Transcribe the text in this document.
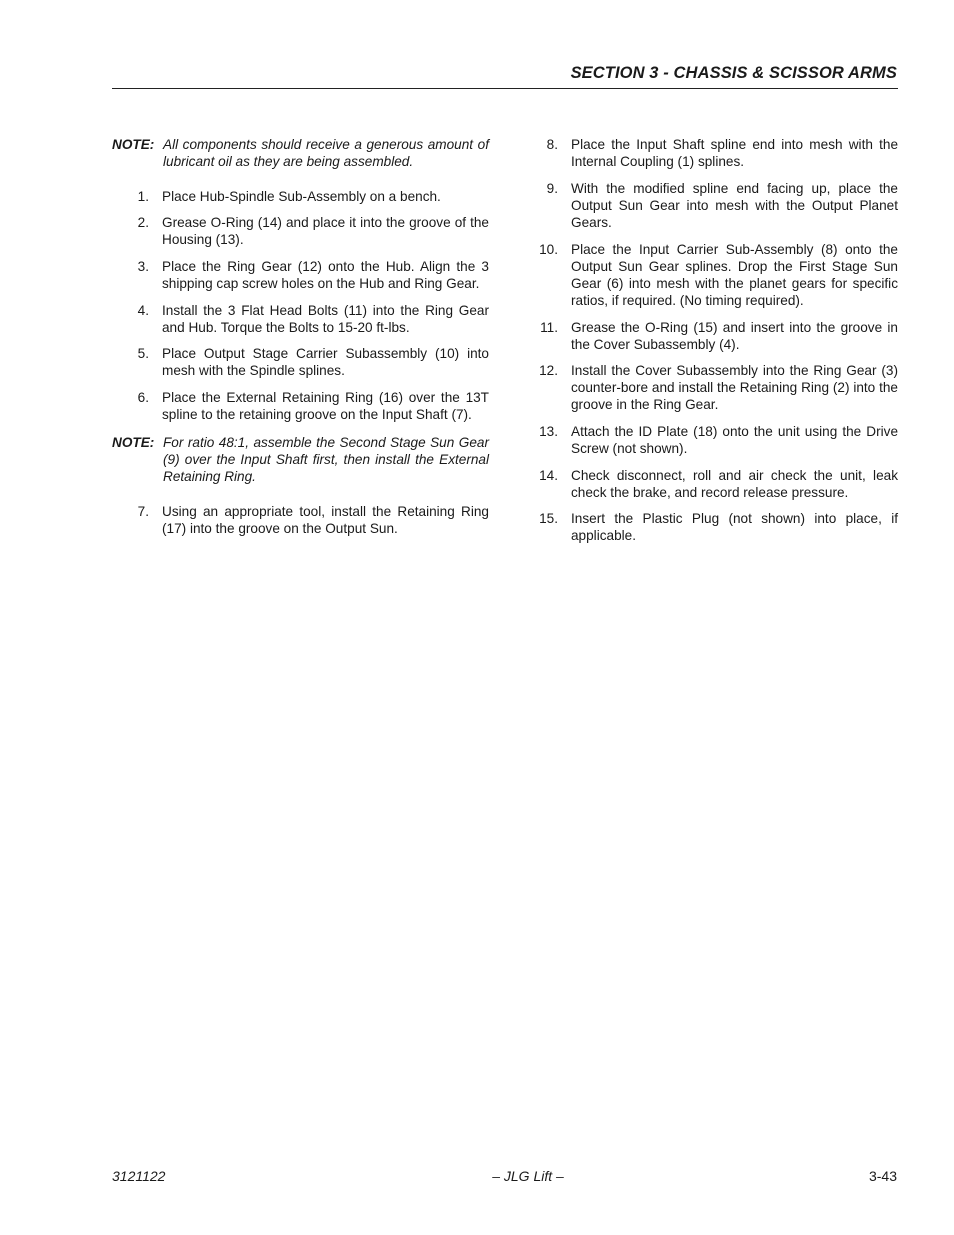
SECTION 3 - CHASSIS & SCISSOR ARMS
NOTE: All components should receive a generous amount of lubricant oil as they are being assembled.
1. Place Hub-Spindle Sub-Assembly on a bench.
2. Grease O-Ring (14) and place it into the groove of the Housing (13).
3. Place the Ring Gear (12) onto the Hub. Align the 3 shipping cap screw holes on the Hub and Ring Gear.
4. Install the 3 Flat Head Bolts (11) into the Ring Gear and Hub. Torque the Bolts to 15-20 ft-lbs.
5. Place Output Stage Carrier Subassembly (10) into mesh with the Spindle splines.
6. Place the External Retaining Ring (16) over the 13T spline to the retaining groove on the Input Shaft (7).
NOTE: For ratio 48:1, assemble the Second Stage Sun Gear (9) over the Input Shaft first, then install the External Retaining Ring.
7. Using an appropriate tool, install the Retaining Ring (17) into the groove on the Output Sun.
8. Place the Input Shaft spline end into mesh with the Internal Coupling (1) splines.
9. With the modified spline end facing up, place the Output Sun Gear into mesh with the Output Planet Gears.
10. Place the Input Carrier Sub-Assembly (8) onto the Output Sun Gear splines. Drop the First Stage Sun Gear (6) into mesh with the planet gears for specific ratios, if required. (No timing required).
11. Grease the O-Ring (15) and insert into the groove in the Cover Subassembly (4).
12. Install the Cover Subassembly into the Ring Gear (3) counter-bore and install the Retaining Ring (2) into the groove in the Ring Gear.
13. Attach the ID Plate (18) onto the unit using the Drive Screw (not shown).
14. Check disconnect, roll and air check the unit, leak check the brake, and record release pressure.
15. Insert the Plastic Plug (not shown) into place, if applicable.
3121122	– JLG Lift –	3-43
